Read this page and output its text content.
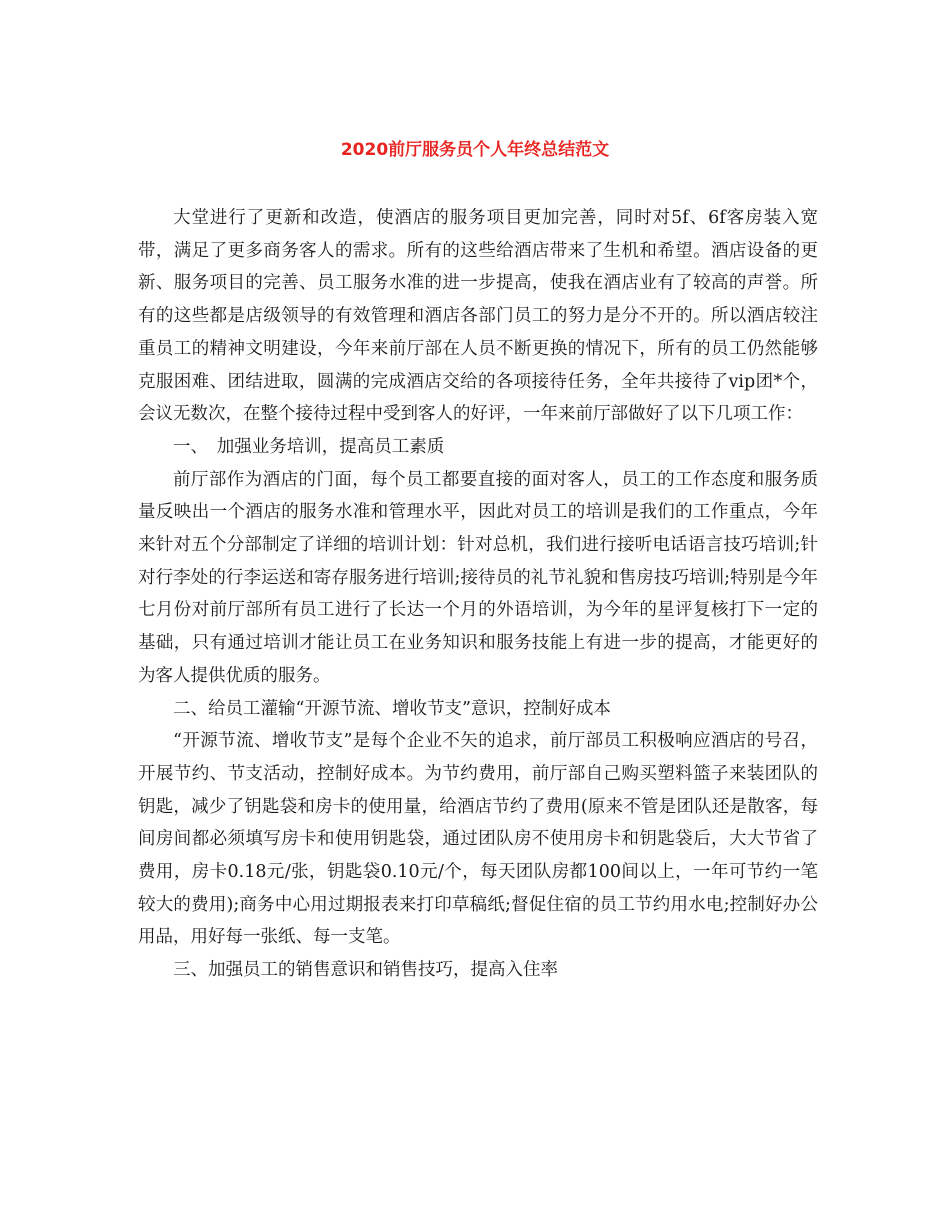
2020前厅服务员个人年终总结范文

大堂进行了更新和改造，使酒店的服务项目更加完善，同时对5f、6f客房装入宽带，满足了更多商务客人的需求。所有的这些给酒店带来了生机和希望。酒店设备的更新、服务项目的完善、员工服务水准的进一步提高，使我在酒店业有了较高的声誉。所有的这些都是店级领导的有效管理和酒店各部门员工的努力是分不开的。所以酒店较注重员工的精神文明建设，今年来前厅部在人员不断更换的情况下，所有的员工仍然能够克服困难、团结进取，圆满的完成酒店交给的各项接待任务，全年共接待了vip团*个，会议无数次，在整个接待过程中受到客人的好评，一年来前厅部做好了以下几项工作：

一、　加强业务培训，提高员工素质

前厅部作为酒店的门面，每个员工都要直接的面对客人，员工的工作态度和服务质量反映出一个酒店的服务水准和管理水平，因此对员工的培训是我们的工作重点，今年来针对五个分部制定了详细的培训计划：针对总机，我们进行接听电话语言技巧培训;针对行李处的行李运送和寄存服务进行培训;接待员的礼节礼貌和售房技巧培训;特别是今年七月份对前厅部所有员工进行了长达一个月的外语培训，为今年的星评复核打下一定的基础，只有通过培训才能让员工在业务知识和服务技能上有进一步的提高，才能更好的为客人提供优质的服务。

二、给员工灌输“开源节流、增收节支”意识，控制好成本

“开源节流、增收节支”是每个企业不矢的追求，前厅部员工积极响应酒店的号召，开展节约、节支活动，控制好成本。为节约费用，前厅部自己购买塑料篮子来装团队的钥匙，减少了钥匙袋和房卡的使用量，给酒店节约了费用(原来不管是团队还是散客，每间房间都必须填写房卡和使用钥匙袋，通过团队房不使用房卡和钥匙袋后，大大节省了费用，房卡0.18元/张，钥匙袋0.10元/个，每天团队房都100间以上，一年可节约一笔较大的费用);商务中心用过期报表来打印草稿纸;督促住宿的员工节约用水电;控制好办公用品，用好每一张纸、每一支笔。

三、加强员工的销售意识和销售技巧，提高入住率
